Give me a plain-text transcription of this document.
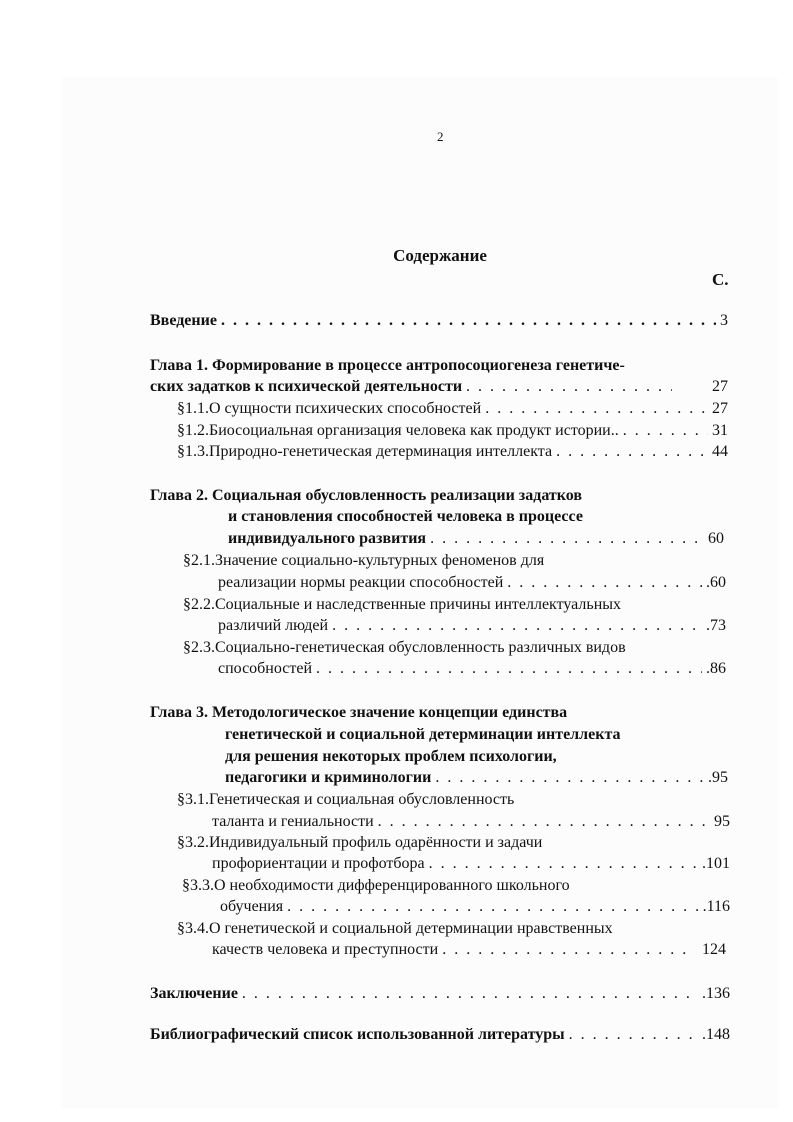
2
Содержание
С.
Введение . . .	3
Глава 1. Формирование в процессе антропосоциогенеза генетиче-
ских задатков к психической деятельности . . .	27
§1.1.О сущности психических способностей . . .	27
§1.2.Биосоциальная организация человека как продукт истории.. . . .	31
§1.3.Природно-генетическая детерминация интеллекта . . .	44
Глава 2. Социальная обусловленность реализации задатков
и становления способностей человека в процессе
индивидуального развития . . .	60
§2.1.Значение социально-культурных феноменов для
реализации нормы реакции способностей . . .	.60
§2.2.Социальные и наследственные причины интеллектуальных
различий людей . . .	.73
§2.3.Социально-генетическая обусловленность различных видов
способностей . . .	.86
Глава 3. Методологическое значение концепции единства
генетической и социальной детерминации интеллекта
для решения некоторых проблем психологии,
педагогики и криминологии . . .	.95
§3.1.Генетическая и социальная обусловленность
таланта и гениальности . . .	95
§3.2.Индивидуальный профиль одарённости и задачи
профориентации и профотбора . . .	.101
§3.3.О необходимости дифференцированного школьного
обучения . . .	.116
§3.4.О генетической и социальной детерминации нравственных
качеств человека и преступности . . .	124
Заключение . . .	.136
Библиографический список использованной литературы . . .	.148
